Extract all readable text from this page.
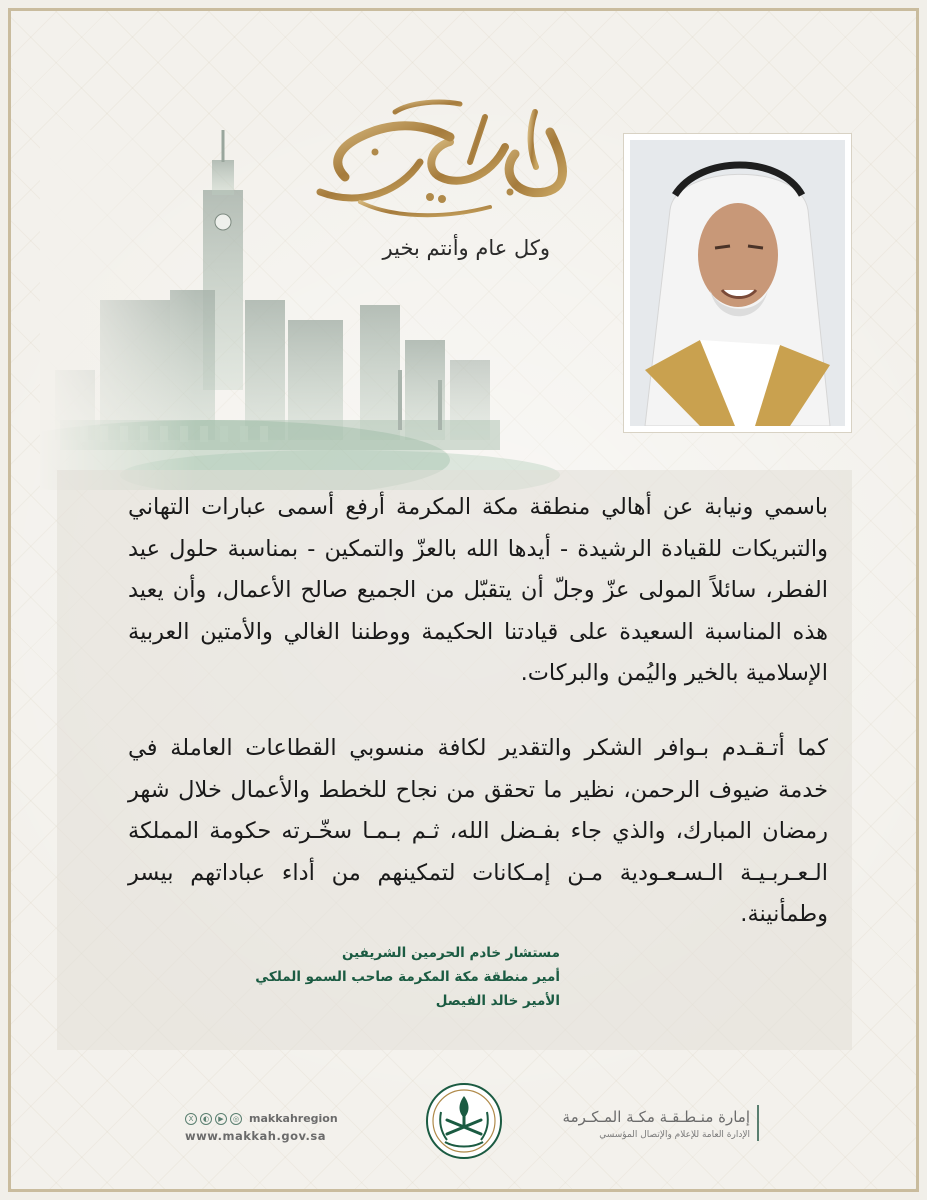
عيد مبارك
وكل عام وأنتم بخير

باسمي ونيابة عن أهالي منطقة مكة المكرمة أرفع أسمى عبارات التهاني والتبريكات للقيادة الرشيدة - أيدها الله بالعزّ والتمكين - بمناسبة حلول عيد الفطر، سائلاً المولى عزّ وجلّ أن يتقبّل من الجميع صالح الأعمال، وأن يعيد هذه المناسبة السعيدة على قيادتنا الحكيمة ووطننا الغالي والأمتين العربية الإسلامية بالخير واليُمن والبركات.

كما أتـقـدم بـوافر الشكر والتقدير لكافة منسوبي القطاعات العاملة في خدمة ضيوف الرحمن، نظير ما تحقق من نجاح للخطط والأعمال خلال شهر رمضان المبارك، والذي جاء بفـضل الله، ثـم بـمـا سخّـرته حكومة المملكة الـعـربـيـة الـسـعـودية مـن إمـكانات لتمكينهم من أداء عباداتهم بيسر وطمأنينة.

مستشار خادم الحرمين الشريفين
أمير منطقة مكة المكرمة صاحب السمو الملكي
الأمير خالد الفيصل
X	◐	▶	◎ makkahregion
www.makkah.gov.sa
إمارة منـطـقـة مكـة المـكـرمة
الإدارة العامة للإعلام والإتصال المؤسسي
